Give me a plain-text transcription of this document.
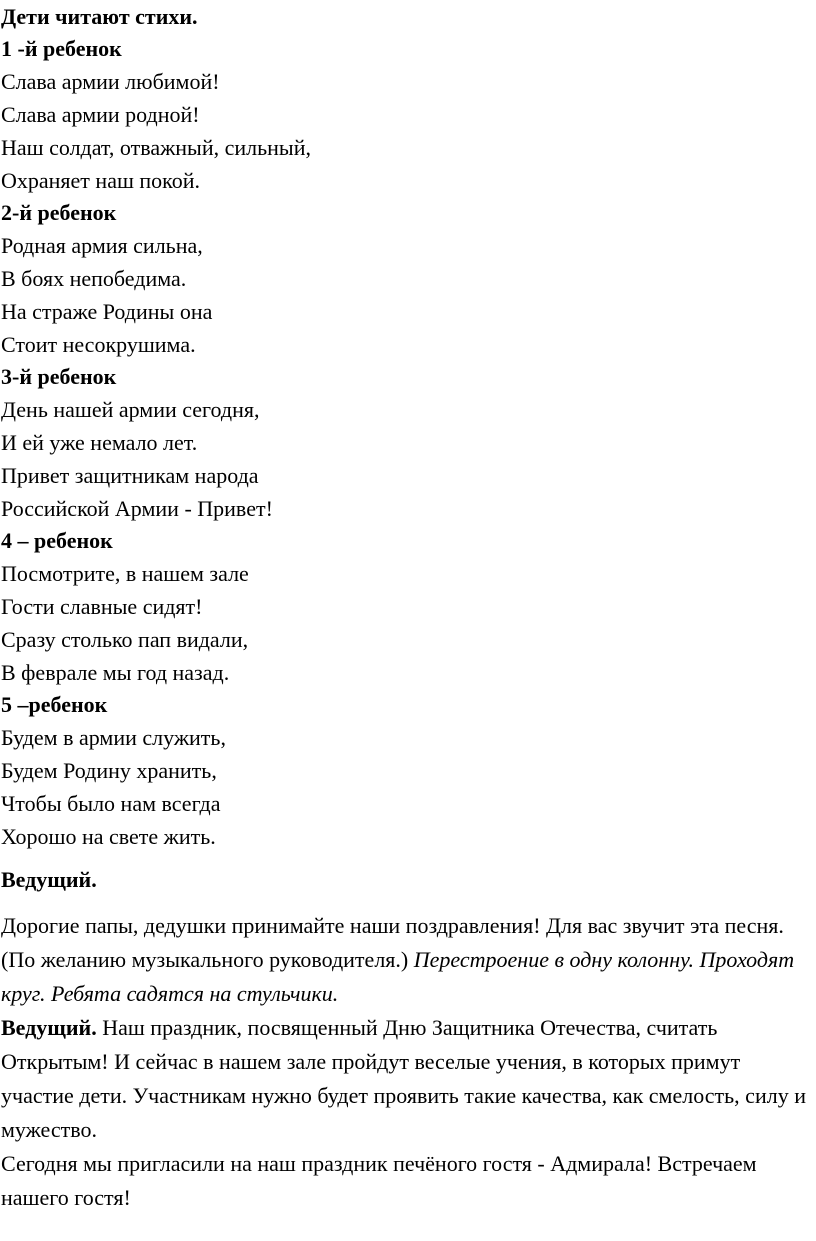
Дети читают стихи.

1 -й ребенок

Слава армии любимой!

Слава армии родной!

Наш солдат, отважный, сильный,

Охраняет наш покой.

2-й ребенок

Родная армия сильна,

В боях непобедима.

На страже Родины она

Стоит несокрушима.

3-й ребенок

День нашей армии сегодня,

И ей уже немало лет.

Привет защитникам народа

Российской Армии - Привет!

4 – ребенок

Посмотрите, в нашем зале

Гости славные сидят!

Сразу столько пап видали,

В феврале мы год назад.

5 –ребенок

Будем в армии служить,

Будем Родину хранить,

Чтобы было нам всегда

Хорошо на свете жить.

Ведущий.

Дорогие папы, дедушки принимайте наши поздравления! Для вас звучит эта песня. (По желанию музыкального руководителя.) Перестроение в одну колонну. Проходят круг. Ребята садятся на стульчики.

Ведущий. Наш праздник, посвященный Дню Защитника Отечества, считать Открытым! И сейчас в нашем зале пройдут веселые учения, в которых примут участие дети. Участникам нужно будет проявить такие качества, как смелость, силу и мужество.

Сегодня мы пригласили на наш праздник печёного гостя - Адмирала! Встречаем нашего гостя!
